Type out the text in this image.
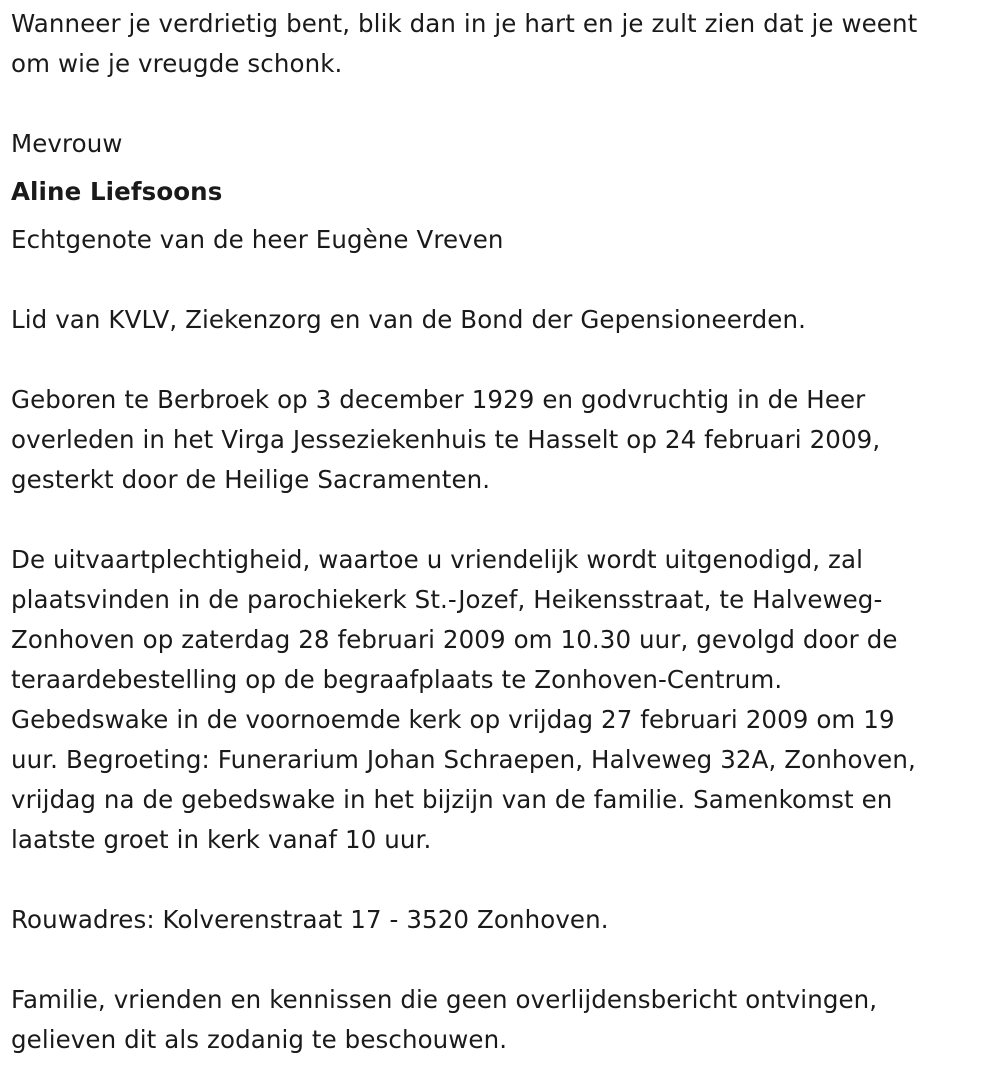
Wanneer je verdrietig bent, blik dan in je hart en je zult zien dat je weent
om wie je vreugde schonk.

Mevrouw

Aline Liefsoons

Echtgenote van de heer Eugène Vreven

Lid van KVLV, Ziekenzorg en van de Bond der Gepensioneerden.

Geboren te Berbroek op 3 december 1929 en godvruchtig in de Heer
overleden in het Virga Jesseziekenhuis te Hasselt op 24 februari 2009,
gesterkt door de Heilige Sacramenten.

De uitvaartplechtigheid, waartoe u vriendelijk wordt uitgenodigd, zal
plaatsvinden in de parochiekerk St.-Jozef, Heikensstraat, te Halveweg-
Zonhoven op zaterdag 28 februari 2009 om 10.30 uur, gevolgd door de
teraardebestelling op de begraafplaats te Zonhoven-Centrum.
Gebedswake in de voornoemde kerk op vrijdag 27 februari 2009 om 19
uur. Begroeting: Funerarium Johan Schraepen, Halveweg 32A, Zonhoven,
vrijdag na de gebedswake in het bijzijn van de familie. Samenkomst en
laatste groet in kerk vanaf 10 uur.

Rouwadres: Kolverenstraat 17 - 3520 Zonhoven.

Familie, vrienden en kennissen die geen overlijdensbericht ontvingen,
gelieven dit als zodanig te beschouwen.
